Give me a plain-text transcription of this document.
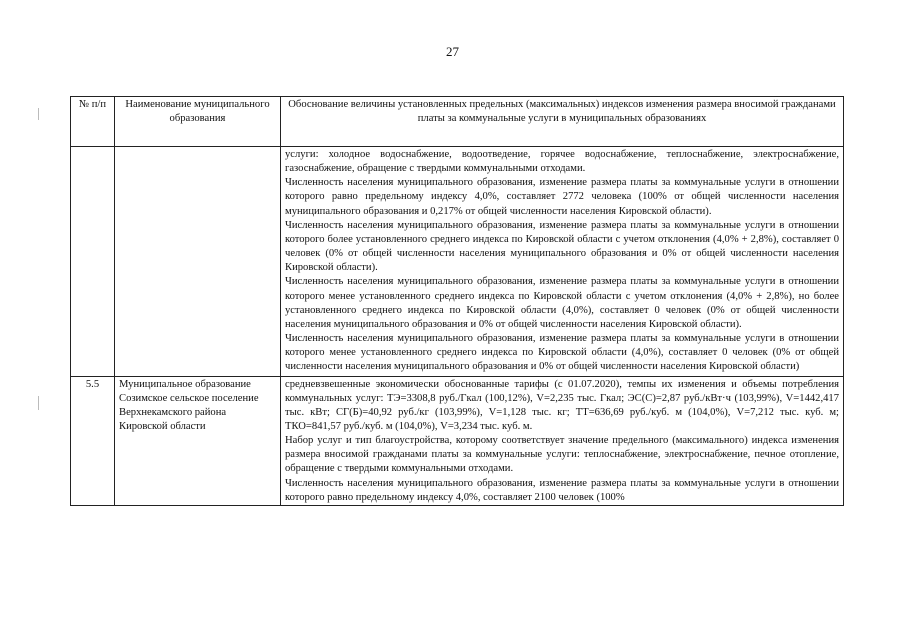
27
№ п/п	Наименование муниципального образования	Обоснование величины установленных предельных (максимальных) индексов изменения размера вносимой гражданами платы за коммунальные услуги в муниципальных образованиях

		услуги: холодное водоснабжение, водоотведение, горячее водоснабжение, теплоснабжение, электроснабжение, газоснабжение, обращение с твердыми коммунальными отходами.
Численность населения муниципального образования, изменение размера платы за коммунальные услуги в отношении которого равно предельному индексу 4,0%, составляет 2772 человека (100% от общей численности населения муниципального образования и 0,217% от общей численности населения Кировской области).
Численность населения муниципального образования, изменение размера платы за коммунальные услуги в отношении которого более установленного среднего индекса по Кировской области с учетом отклонения (4,0% + 2,8%), составляет 0 человек (0% от общей численности населения муниципального образования и 0% от общей численности населения Кировской области).
Численность населения муниципального образования, изменение размера платы за коммунальные услуги в отношении которого менее установленного среднего индекса по Кировской области с учетом отклонения (4,0% + 2,8%), но более установленного среднего индекса по Кировской области (4,0%), составляет 0 человек (0% от общей численности населения муниципального образования и 0% от общей численности населения Кировской области).
Численность населения муниципального образования, изменение размера платы за коммунальные услуги в отношении которого менее установленного среднего индекса по Кировской области (4,0%), составляет 0 человек (0% от общей численности населения муниципального образования и 0% от общей численности населения Кировской области)

5.5	Муниципальное образование Созимское сельское поселение Верхнекамского района Кировской области	средневзвешенные экономически обоснованные тарифы (с 01.07.2020), темпы их изменения и объемы потребления коммунальных услуг: ТЭ=3308,8 руб./Гкал (100,12%), V=2,235 тыс. Гкал; ЭС(С)=2,87 руб./кВт·ч (103,99%), V=1442,417 тыс. кВт; СГ(Б)=40,92 руб./кг (103,99%), V=1,128 тыс. кг; ТТ=636,69 руб./куб. м (104,0%), V=7,212 тыс. куб. м; ТКО=841,57 руб./куб. м (104,0%), V=3,234 тыс. куб. м.
Набор услуг и тип благоустройства, которому соответствует значение предельного (максимального) индекса изменения размера вносимой гражданами платы за коммунальные услуги: теплоснабжение, электроснабжение, печное отопление, обращение с твердыми коммунальными отходами.
Численность населения муниципального образования, изменение размера платы за коммунальные услуги в отношении которого равно предельному индексу 4,0%, составляет 2100 человек (100%
